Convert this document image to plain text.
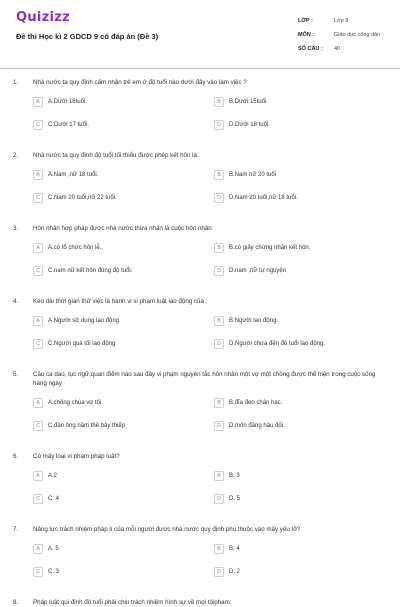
Quizizz
Đề thi Học kì 2 GDCD 9 có đáp án (Đề 3)
LỚP :	Lớp 9
MÔN :	Giáo dục công dân
SỐ CÂU :	40
1.	Nhà nước ta quy định cấm nhận trẻ em ở độ tuổi nào dưới đây vào làm việc ?
A	A.Dưới 16tuổi.	B	B.Dưới 15tuổi.
C	C.Dưới 17 tuổi.	D	D.Dưới 18 tuổi.
2.	Nhà nước ta quy định độ tuổi tối thiểu được phép kết hôn là:
A	A.Nam ,nữ 18 tuổi.	B	B.Nam nữ 20 tuổi
C	C.Nam 20 tuổi,nữ 22 tuổi.	D	D.Nam 20 tuổi,nữ 18 tuổi.
3.	Hôn nhân hợp pháp được nhà nước thừa nhận là cuộc hôn nhân
A	A.có tổ chức hôn lễ..	B	B.có giấy chứng nhận kết hôn.
C	C.nam nữ kết hôn đúng độ tuổi.	D	D.nam ,nữ tự nguyện
4.	Kéo dài thời gian thử việc là hành vi vi phạm luật lao động của :
A	A.Người sử dụng lao động	B	B.Người lao động.
C	C.Người quá tối lao động	D	D.Người chưa đến độ tuổi lao động.
5.	Câu ca dao, tục ngữ,quan điểm nào sau đây vi phạm nguyên tắc hôn nhân một vợ một chồng được thể hiện trong cuộc sống hàng ngày
A	A.chồng chúa vợ tôi.	B	B.đĩa đeo chân hạc.
C	C.đàn ông năm thê bảy thiếp	D	D.môn đăng hậu đối.
6.	Có mấy loại vi phạm pháp luật?
A	A.2	B	B. 3
C	C. 4	D	D. 5
7.	Năng lực trách nhiệm pháp lí của mỗi người được nhà nước quy định phụ thuộc vào mấy yếu tố?
A	A. 5	B	B. 4
C	C. 3	D	D. 2
8.	Pháp luật qui định độ tuổi phải chịu trách nhiệm hình sự về mọi tộipham:
